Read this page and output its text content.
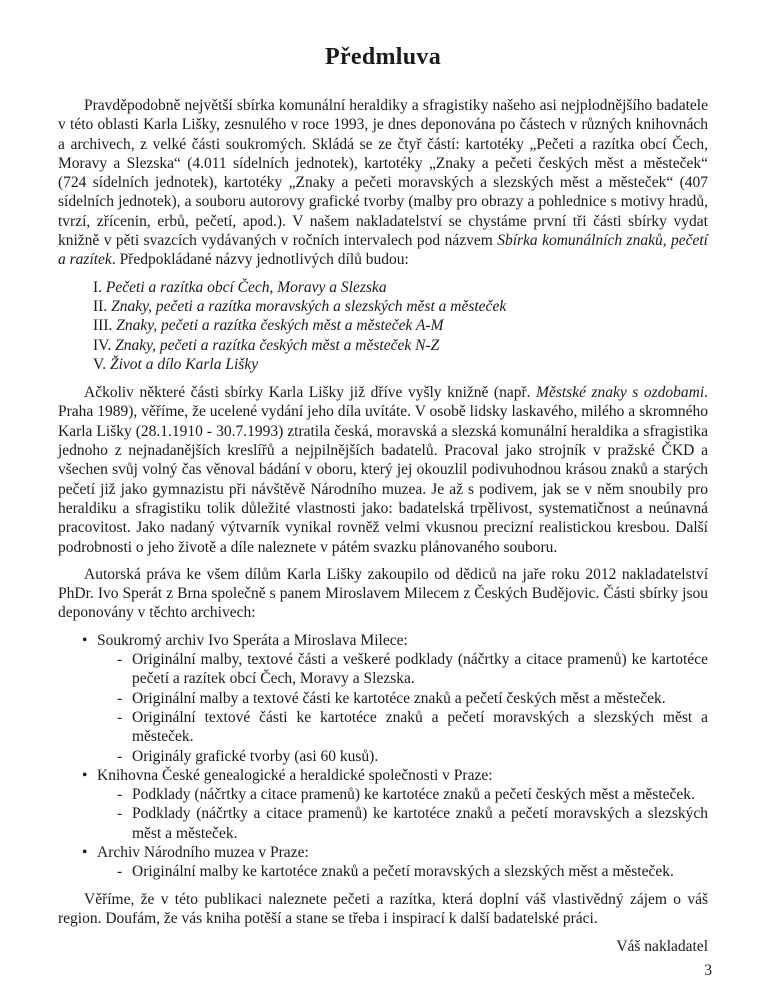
Předmluva

Pravděpodobně největší sbírka komunální heraldiky a sfragistiky našeho asi nejplodnějšího badatele v této oblasti Karla Lišky, zesnulého v roce 1993, je dnes deponována po částech v různých knihovnách a archivech, z velké části soukromých. Skládá se ze čtyř částí: kartotéky „Pečeti a razítka obcí Čech, Moravy a Slezska“ (4.011 sídelních jednotek), kartotéky „Znaky a pečeti českých měst a městeček“ (724 sídelních jednotek), kartotéky „Znaky a pečeti moravských a slezských měst a městeček“ (407 sídelních jednotek), a souboru autorovy grafické tvorby (malby pro obrazy a pohlednice s motivy hradů, tvrzí, zřícenin, erbů, pečetí, apod.). V našem nakladatelství se chystáme první tři části sbírky vydat knižně v pěti svazcích vydávaných v ročních intervalech pod názvem Sbírka komunálních znaků, pečetí a razítek. Předpokládané názvy jednotlivých dílů budou:

I. Pečeti a razítka obcí Čech, Moravy a Slezska
II. Znaky, pečeti a razítka moravských a slezských měst a městeček
III. Znaky, pečeti a razítka českých měst a městeček A-M
IV. Znaky, pečeti a razítka českých měst a městeček N-Z
V. Život a dílo Karla Lišky

Ačkoliv některé části sbírky Karla Lišky již dříve vyšly knižně (např. Městské znaky s ozdobami. Praha 1989), věříme, že ucelené vydání jeho díla uvítáte. V osobě lidsky laskavého, milého a skromného Karla Lišky (28.1.1910 - 30.7.1993) ztratila česká, moravská a slezská komunální heraldika a sfragistika jednoho z nejnadanějších kreslířů a nejpilnějších badatelů. Pracoval jako strojník v pražské ČKD a všechen svůj volný čas věnoval bádání v oboru, který jej okouzlil podivuhodnou krásou znaků a starých pečetí již jako gymnazistu při návštěvě Národního muzea. Je až s podivem, jak se v něm snoubily pro heraldiku a sfragistiku tolik důležité vlastnosti jako: badatelská trpělivost, systematičnost a neúnavná pracovitost. Jako nadaný výtvarník vynikal rovněž velmi vkusnou precizní realistickou kresbou. Další podrobnosti o jeho životě a díle naleznete v pátém svazku plánovaného souboru.

Autorská práva ke všem dílům Karla Lišky zakoupilo od dědiců na jaře roku 2012 nakladatelství PhDr. Ivo Sperát z Brna společně s panem Miroslavem Milecem z Českých Budějovic. Části sbírky jsou deponovány v těchto archivech:

• Soukromý archiv Ivo Speráta a Miroslava Milece:
- Originální malby, textové části a veškeré podklady (náčrtky a citace pramenů) ke kartotéce pečetí a razítek obcí Čech, Moravy a Slezska.
- Originální malby a textové části ke kartotéce znaků a pečetí českých měst a městeček.
- Originální textové části ke kartotéce znaků a pečetí moravských a slezských měst a městeček.
- Originály grafické tvorby (asi 60 kusů).
• Knihovna České genealogické a heraldické společnosti v Praze:
- Podklady (náčrtky a citace pramenů) ke kartotéce znaků a pečetí českých měst a městeček.
- Podklady (náčrtky a citace pramenů) ke kartotéce znaků a pečetí moravských a slezských měst a městeček.
• Archiv Národního muzea v Praze:
- Originální malby ke kartotéce znaků a pečetí moravských a slezských měst a městeček.

Věříme, že v této publikaci naleznete pečeti a razítka, která doplní váš vlastivědný zájem o váš region. Doufám, že vás kniha potěší a stane se třeba i inspirací k další badatelské práci.

Váš nakladatel

3
